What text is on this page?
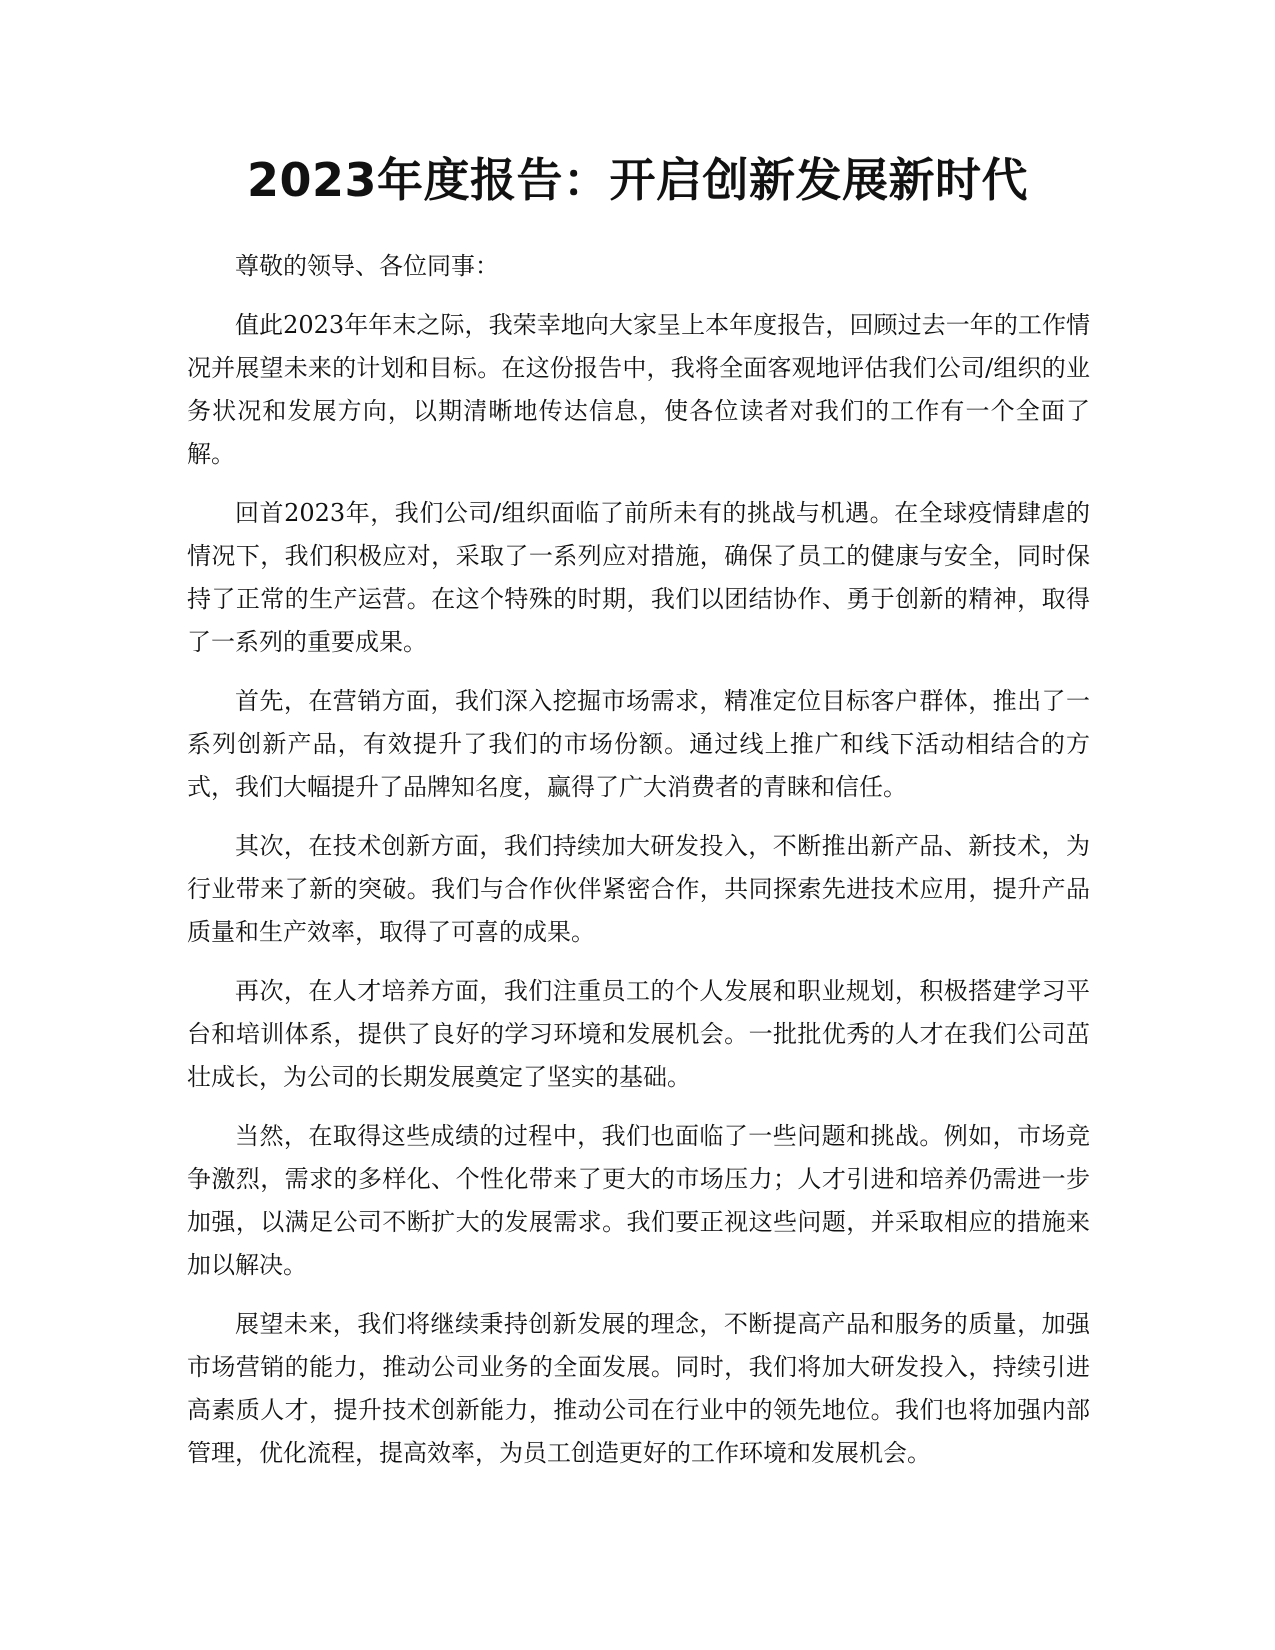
2023年度报告：开启创新发展新时代

尊敬的领导、各位同事：

值此2023年年末之际，我荣幸地向大家呈上本年度报告，回顾过去一年的工作情况并展望未来的计划和目标。在这份报告中，我将全面客观地评估我们公司/组织的业务状况和发展方向，以期清晰地传达信息，使各位读者对我们的工作有一个全面了解。

回首2023年，我们公司/组织面临了前所未有的挑战与机遇。在全球疫情肆虐的情况下，我们积极应对，采取了一系列应对措施，确保了员工的健康与安全，同时保持了正常的生产运营。在这个特殊的时期，我们以团结协作、勇于创新的精神，取得了一系列的重要成果。

首先，在营销方面，我们深入挖掘市场需求，精准定位目标客户群体，推出了一系列创新产品，有效提升了我们的市场份额。通过线上推广和线下活动相结合的方式，我们大幅提升了品牌知名度，赢得了广大消费者的青睐和信任。

其次，在技术创新方面，我们持续加大研发投入，不断推出新产品、新技术，为行业带来了新的突破。我们与合作伙伴紧密合作，共同探索先进技术应用，提升产品质量和生产效率，取得了可喜的成果。

再次，在人才培养方面，我们注重员工的个人发展和职业规划，积极搭建学习平台和培训体系，提供了良好的学习环境和发展机会。一批批优秀的人才在我们公司茁壮成长，为公司的长期发展奠定了坚实的基础。

当然，在取得这些成绩的过程中，我们也面临了一些问题和挑战。例如，市场竞争激烈，需求的多样化、个性化带来了更大的市场压力；人才引进和培养仍需进一步加强，以满足公司不断扩大的发展需求。我们要正视这些问题，并采取相应的措施来加以解决。

展望未来，我们将继续秉持创新发展的理念，不断提高产品和服务的质量，加强市场营销的能力，推动公司业务的全面发展。同时，我们将加大研发投入，持续引进高素质人才，提升技术创新能力，推动公司在行业中的领先地位。我们也将加强内部管理，优化流程，提高效率，为员工创造更好的工作环境和发展机会。
